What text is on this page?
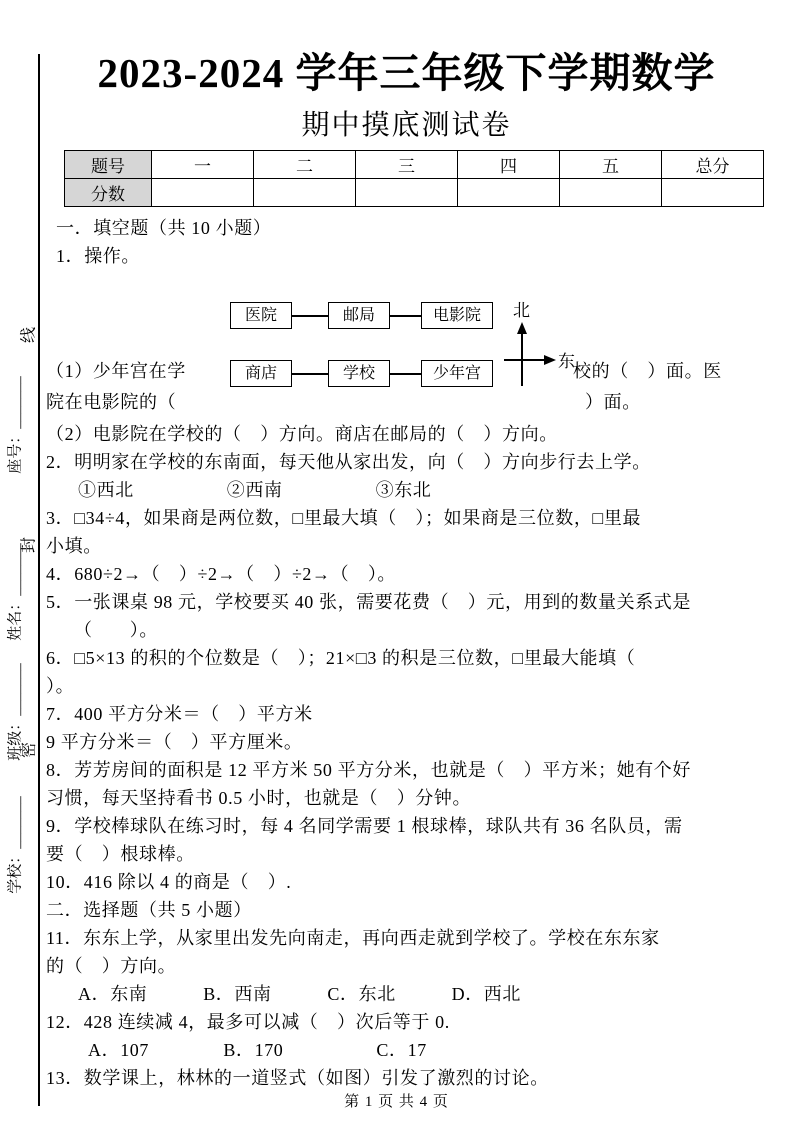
2023-2024 学年三年级下学期数学
期中摸底测试卷
线
座号：_______
封
姓名：_______
班级：_______
密
学校：_______
题号	一	二	三	四	五	总分
分数						
一．填空题（共 10 小题）
1．操作。
医院	邮局	电影院
商店	学校	少年宫
北
东
（1）少年宫在学	校的（　）面。医
院在电影院的（	）面。
（2）电影院在学校的（　）方向。商店在邮局的（　）方向。
2．明明家在学校的东南面，每天他从家出发，向（　）方向步行去上学。
①西北　　　　　②西南　　　　　③东北
3．□34÷4，如果商是两位数，□里最大填（　）；如果商是三位数，□里最
小填。
4．680÷2→（　）÷2→（　）÷2→（　）。
5．一张课桌 98 元，学校要买 40 张，需要花费（　）元，用到的数量关系式是
（　　）。
6．□5×13 的积的个位数是（　）；21×□3 的积是三位数，□里最大能填（
）。
7．400 平方分米＝（　）平方米
9 平方分米＝（　）平方厘米。
8．芳芳房间的面积是 12 平方米 50 平方分米，也就是（　）平方米；她有个好
习惯，每天坚持看书 0.5 小时，也就是（　）分钟。
9．学校棒球队在练习时，每 4 名同学需要 1 根球棒，球队共有 36 名队员，需
要（　）根球棒。
10．416 除以 4 的商是（　）.
二．选择题（共 5 小题）
11．东东上学，从家里出发先向南走，再向西走就到学校了。学校在东东家
的（　）方向。
A．东南　　　B．西南　　　C．东北　　　D．西北
12．428 连续减 4，最多可以减（　）次后等于 0.
A．107　　　　B．170　　　　　C．17
13．数学课上，林林的一道竖式（如图）引发了激烈的讨论。
第 1 页 共 4 页
